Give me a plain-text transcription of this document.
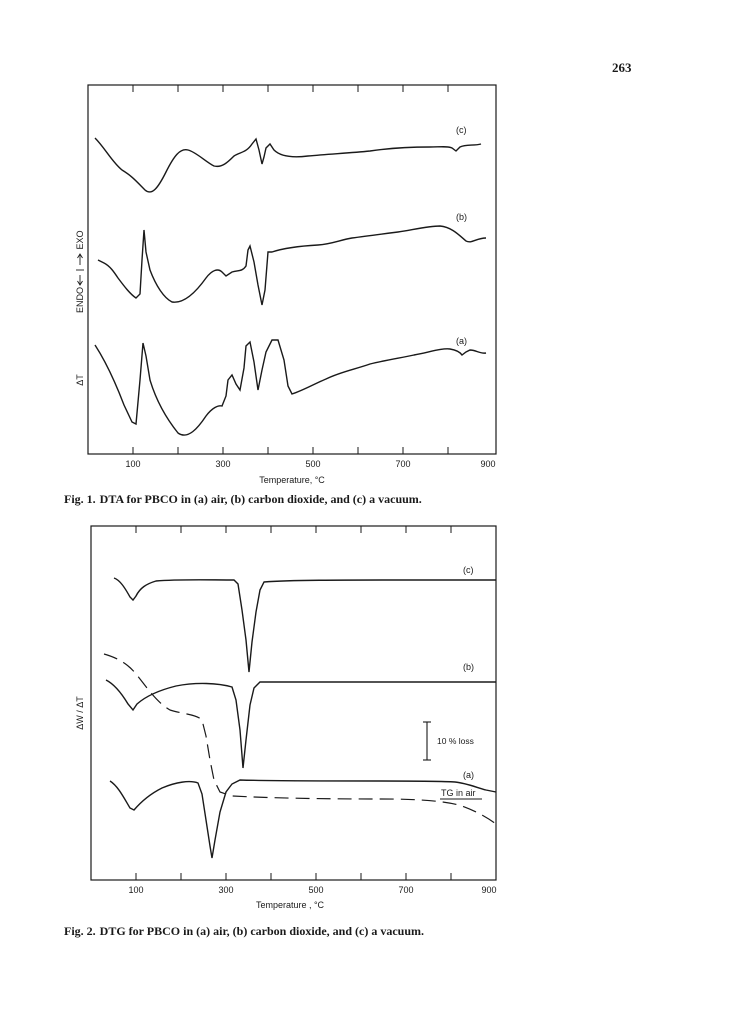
263
100	300	500	700	900
Temperature, °C
ΔT
ENDO
EXO
(c)
(b)
(a)
Fig. 1. DTA for PBCO in (a) air, (b) carbon dioxide, and (c) a vacuum.
100	300	500	700	900
Temperature , °C
ΔW / ΔT
(c)
(b)
(a)
TG in air
10 % loss
Fig. 2. DTG for PBCO in (a) air, (b) carbon dioxide, and (c) a vacuum.
